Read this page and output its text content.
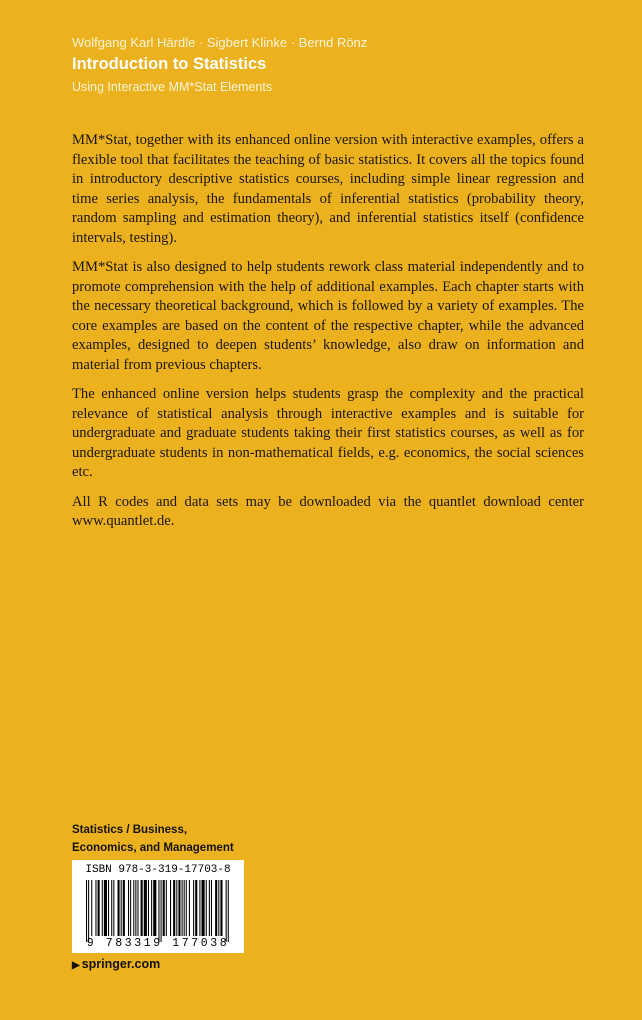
Wolfgang Karl Härdle · Sigbert Klinke · Bernd Rönz
Introduction to Statistics
Using Interactive MM*Stat Elements

MM*Stat, together with its enhanced online version with interactive examples, offers a flexible tool that facilitates the teaching of basic statistics. It covers all the topics found in introductory descriptive statistics courses, including simple linear regression and time series analysis, the fundamentals of inferential statistics (probability theory, random sampling and estimation theory), and inferential statistics itself (confidence intervals, testing).

MM*Stat is also designed to help students rework class material independently and to promote comprehension with the help of additional examples. Each chapter starts with the necessary theoretical background, which is followed by a variety of examples. The core examples are based on the content of the respective chapter, while the advanced examples, designed to deepen students’ knowledge, also draw on information and material from previous chapters.

The enhanced online version helps students grasp the complexity and the practical relevance of statistical analysis through interactive examples and is suitable for undergraduate and graduate students taking their first statistics courses, as well as for undergraduate students in non-mathematical fields, e.g. economics, the social sciences etc.

All R codes and data sets may be downloaded via the quantlet download center www.quantlet.de.

Statistics / Business,
Economics, and Management
ISBN 978-3-319-17703-8
9 783319 177038
▶ springer.com
